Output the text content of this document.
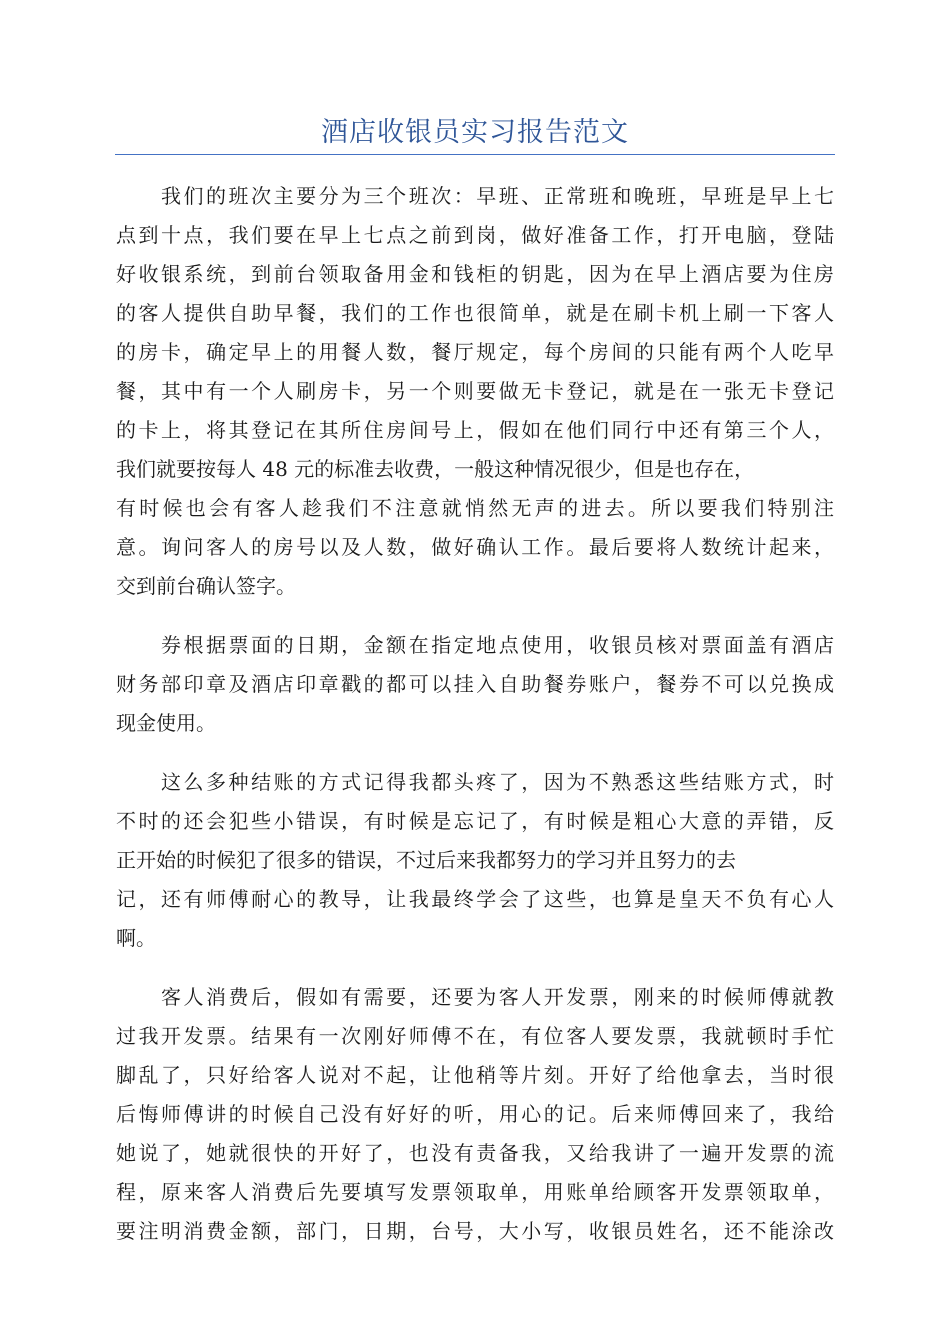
酒店收银员实习报告范文

我们的班次主要分为三个班次：早班、正常班和晚班，早班是早上七
点到十点，我们要在早上七点之前到岗，做好准备工作，打开电脑，登陆
好收银系统，到前台领取备用金和钱柜的钥匙，因为在早上酒店要为住房
的客人提供自助早餐，我们的工作也很简单，就是在刷卡机上刷一下客人
的房卡，确定早上的用餐人数，餐厅规定，每个房间的只能有两个人吃早
餐，其中有一个人刷房卡，另一个则要做无卡登记，就是在一张无卡登记
的卡上，将其登记在其所住房间号上，假如在他们同行中还有第三个人，
我们就要按每人 48 元的标准去收费，一般这种情况很少，但是也存在，
有时候也会有客人趁我们不注意就悄然无声的进去。所以要我们特别注
意。询问客人的房号以及人数，做好确认工作。最后要将人数统计起来，
交到前台确认签字。

券根据票面的日期，金额在指定地点使用，收银员核对票面盖有酒店
财务部印章及酒店印章戳的都可以挂入自助餐券账户，餐券不可以兑换成
现金使用。

这么多种结账的方式记得我都头疼了，因为不熟悉这些结账方式，时
不时的还会犯些小错误，有时候是忘记了，有时候是粗心大意的弄错，反
正开始的时候犯了很多的错误，不过后来我都努力的学习并且努力的去
记，还有师傅耐心的教导，让我最终学会了这些，也算是皇天不负有心人
啊。

客人消费后，假如有需要，还要为客人开发票，刚来的时候师傅就教
过我开发票。结果有一次刚好师傅不在，有位客人要发票，我就顿时手忙
脚乱了，只好给客人说对不起，让他稍等片刻。开好了给他拿去，当时很
后悔师傅讲的时候自己没有好好的听，用心的记。后来师傅回来了，我给
她说了，她就很快的开好了，也没有责备我，又给我讲了一遍开发票的流
程，原来客人消费后先要填写发票领取单，用账单给顾客开发票领取单，
要注明消费金额，部门，日期，台号，大小写，收银员姓名，还不能涂改
